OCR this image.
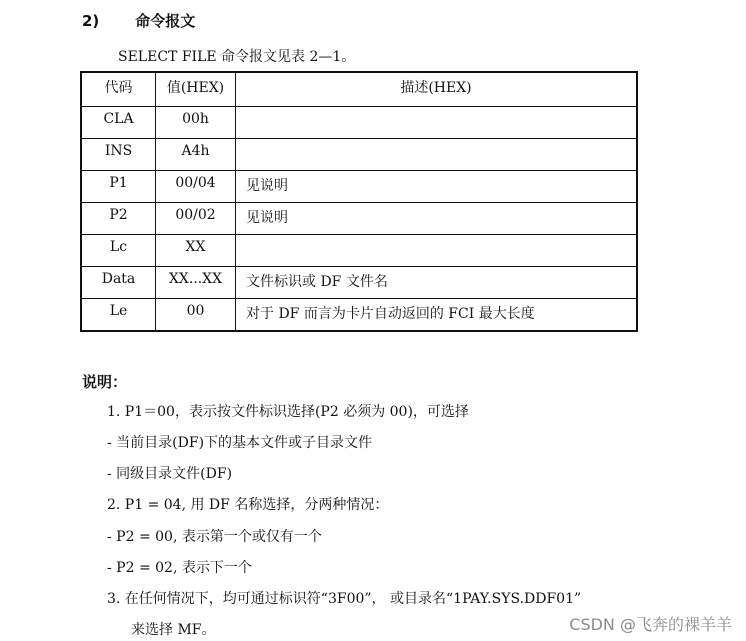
2) 命令报文
SELECT FILE 命令报文见表 2—1。
代码	值(HEX)	描述(HEX)

CLA	00h	

INS	A4h	

P1	00/04	见说明

P2	00/02	见说明

Lc	XX	

Data	XX...XX	文件标识或 DF 文件名

Le	00	对于 DF 而言为卡片自动返回的 FCI 最大长度
说明：
1. P1＝00，表示按文件标识选择(P2 必须为 00)，可选择
- 当前目录(DF)下的基本文件或子目录文件
- 同级目录文件(DF)
2. P1 = 04, 用 DF 名称选择，分两种情况：
- P2 = 00, 表示第一个或仅有一个
- P2 = 02, 表示下一个
3. 在任何情况下，均可通过标识符“3F00”， 或目录名“1PAY.SYS.DDF01”
来选择 MF。	CSDN @飞奔的裸羊羊
